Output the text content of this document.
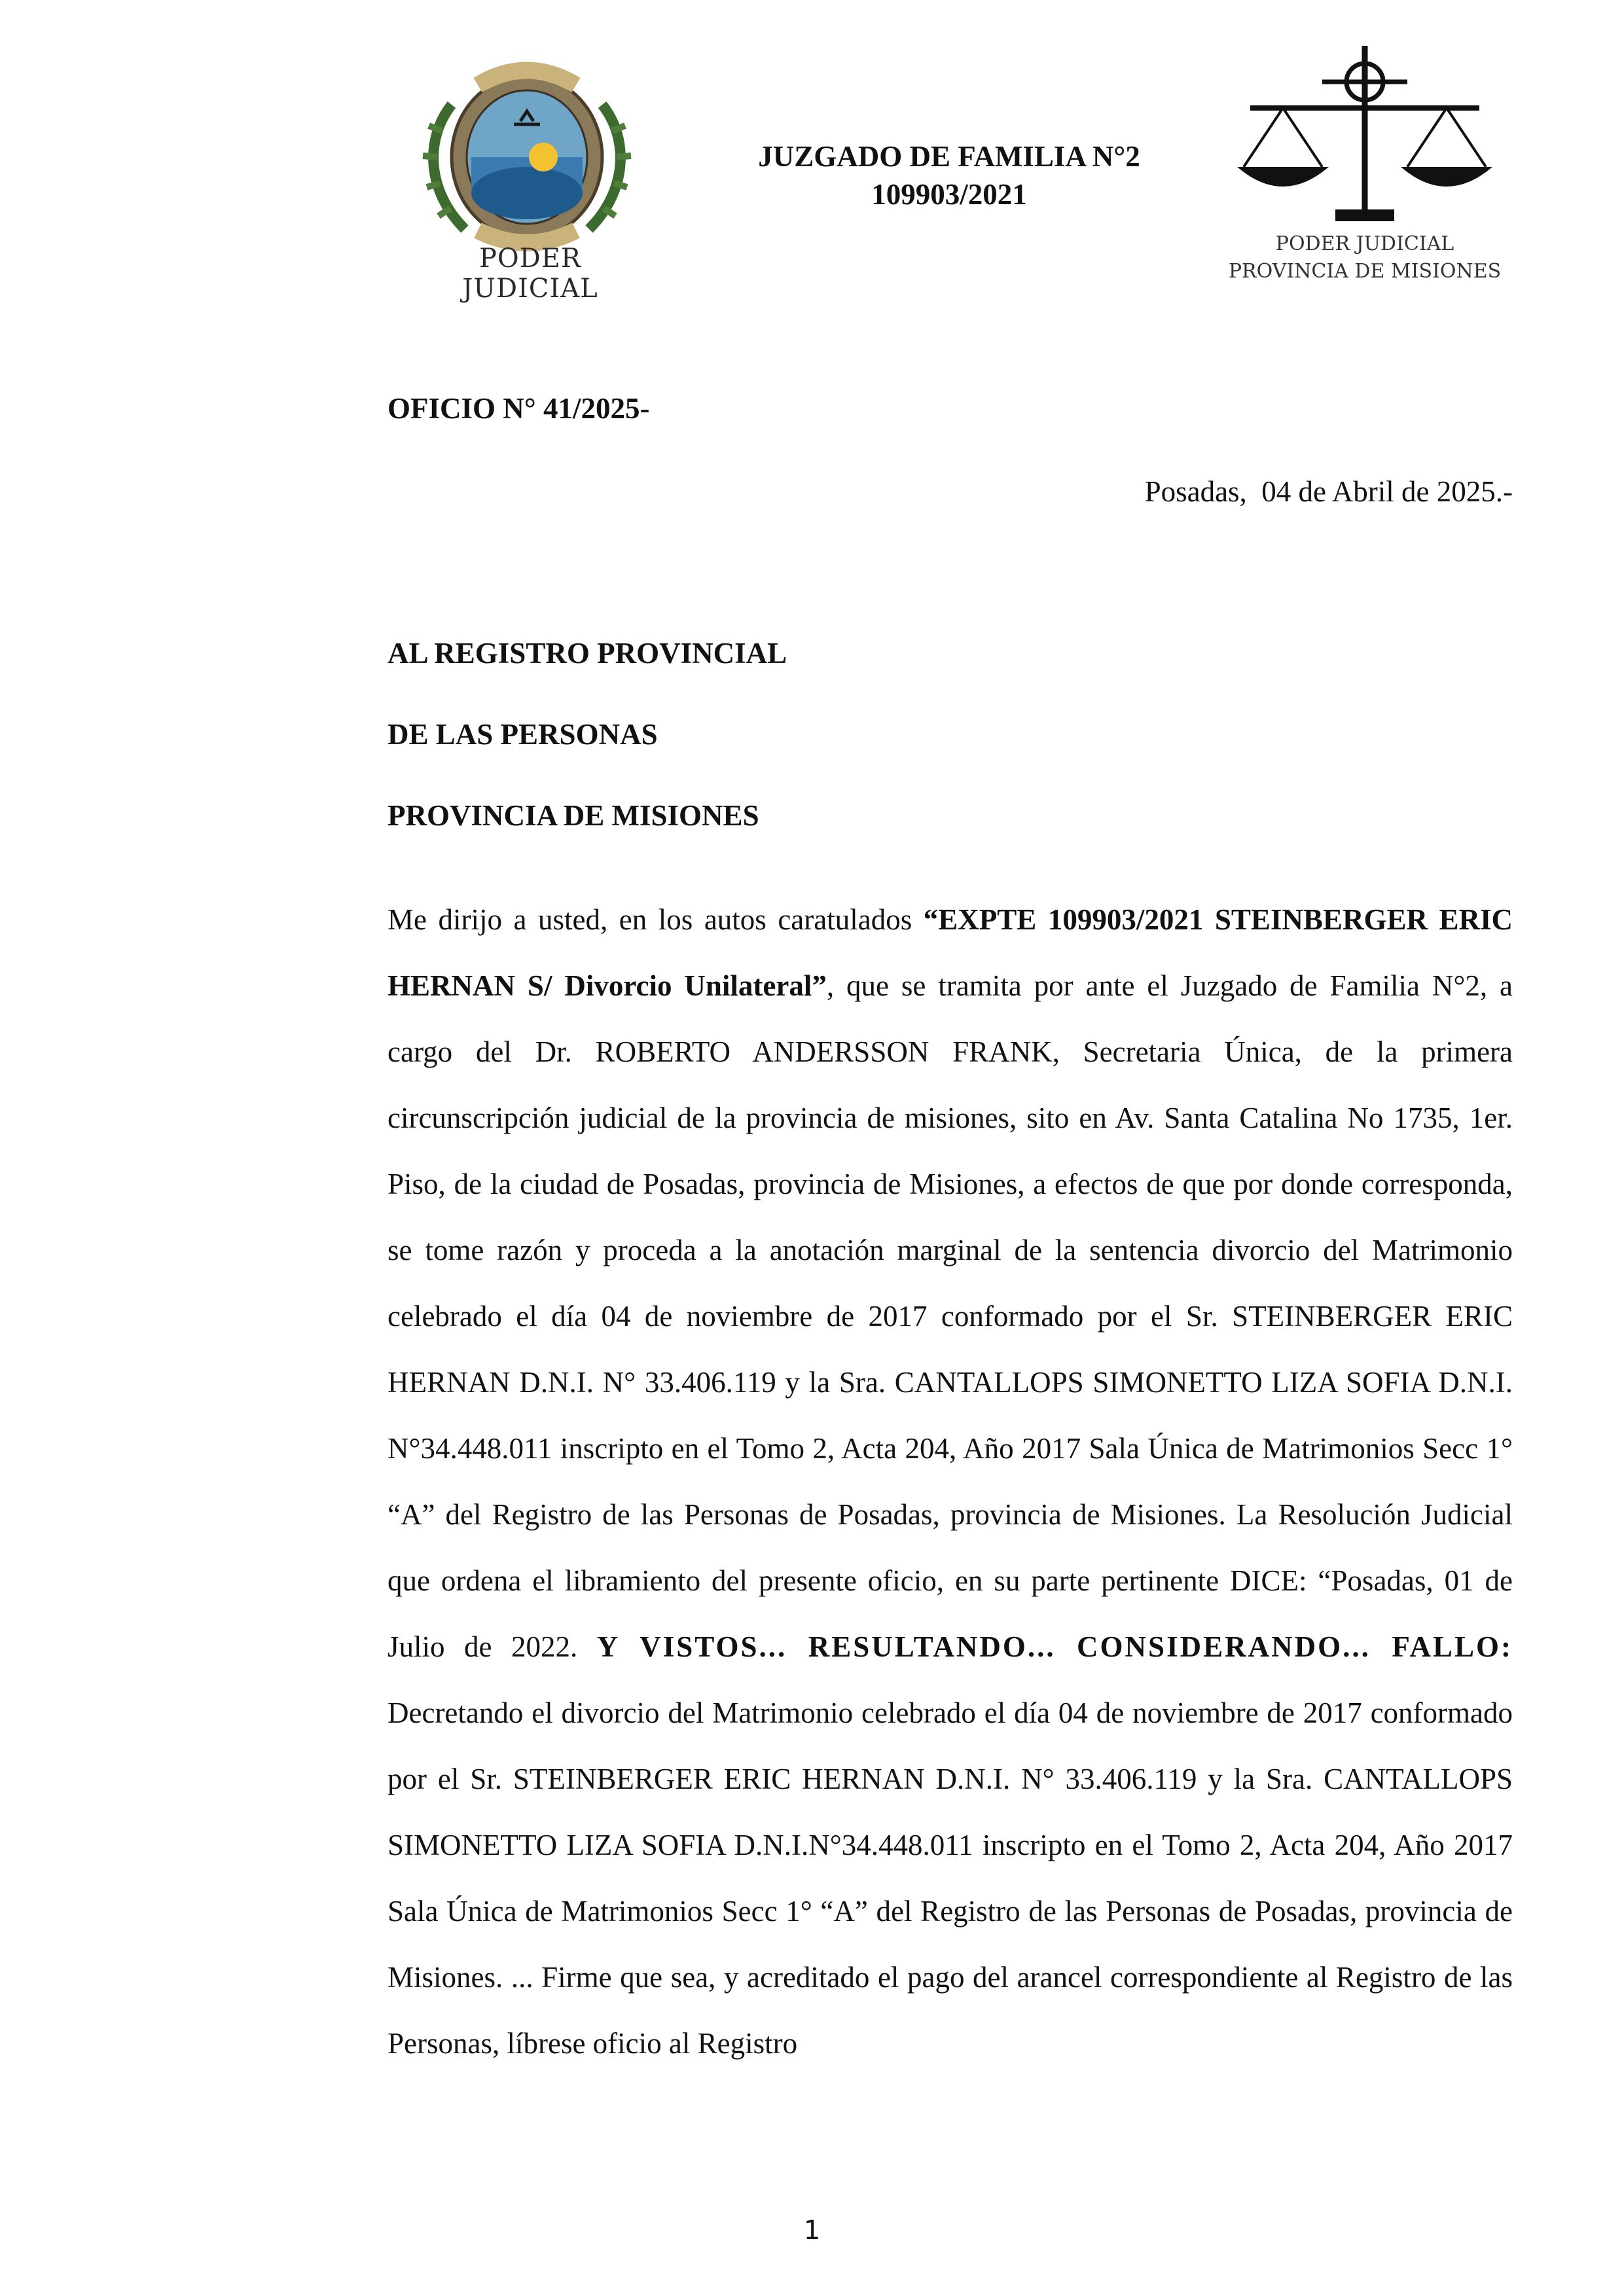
PODER JUDICIAL
JUZGADO DE FAMILIA N°2
109903/2021
PODER JUDICIAL
PROVINCIA DE MISIONES
OFICIO N° 41/2025-
Posadas,  04 de Abril de 2025.-
AL REGISTRO PROVINCIAL
DE LAS PERSONAS
PROVINCIA DE MISIONES
Me dirijo a usted, en los autos caratulados “EXPTE 109903/2021 STEINBERGER ERIC HERNAN S/ Divorcio Unilateral”, que se tramita por ante el Juzgado de Familia N°2, a cargo del Dr. ROBERTO ANDERSSON FRANK, Secretaria Única, de la primera circunscripción judicial de la provincia de misiones, sito en Av. Santa Catalina No 1735, 1er. Piso, de la ciudad de Posadas, provincia de Misiones, a efectos de que por donde corresponda, se tome razón y proceda a la anotación marginal de la sentencia divorcio del Matrimonio celebrado el día 04 de noviembre de 2017 conformado por el Sr. STEINBERGER ERIC HERNAN D.N.I. N° 33.406.119 y la Sra. CANTALLOPS SIMONETTO LIZA SOFIA D.N.I. N°34.448.011 inscripto en el Tomo 2, Acta 204, Año 2017 Sala Única de Matrimonios Secc 1° “A” del Registro de las Personas de Posadas, provincia de Misiones. La Resolución Judicial que ordena el libramiento del presente oficio, en su parte pertinente DICE: “Posadas, 01 de Julio de 2022. Y VISTOS... RESULTANDO... CONSIDERANDO... FALLO: Decretando el divorcio del Matrimonio celebrado el día 04 de noviembre de 2017 conformado por el Sr. STEINBERGER ERIC HERNAN D.N.I. N° 33.406.119 y la Sra. CANTALLOPS SIMONETTO LIZA SOFIA D.N.I.N°34.448.011 inscripto en el Tomo 2, Acta 204, Año 2017 Sala Única de Matrimonios Secc 1° “A” del Registro de las Personas de Posadas, provincia de Misiones. ... Firme que sea, y acreditado el pago del arancel correspondiente al Registro de las Personas, líbrese oficio al Registro
1
